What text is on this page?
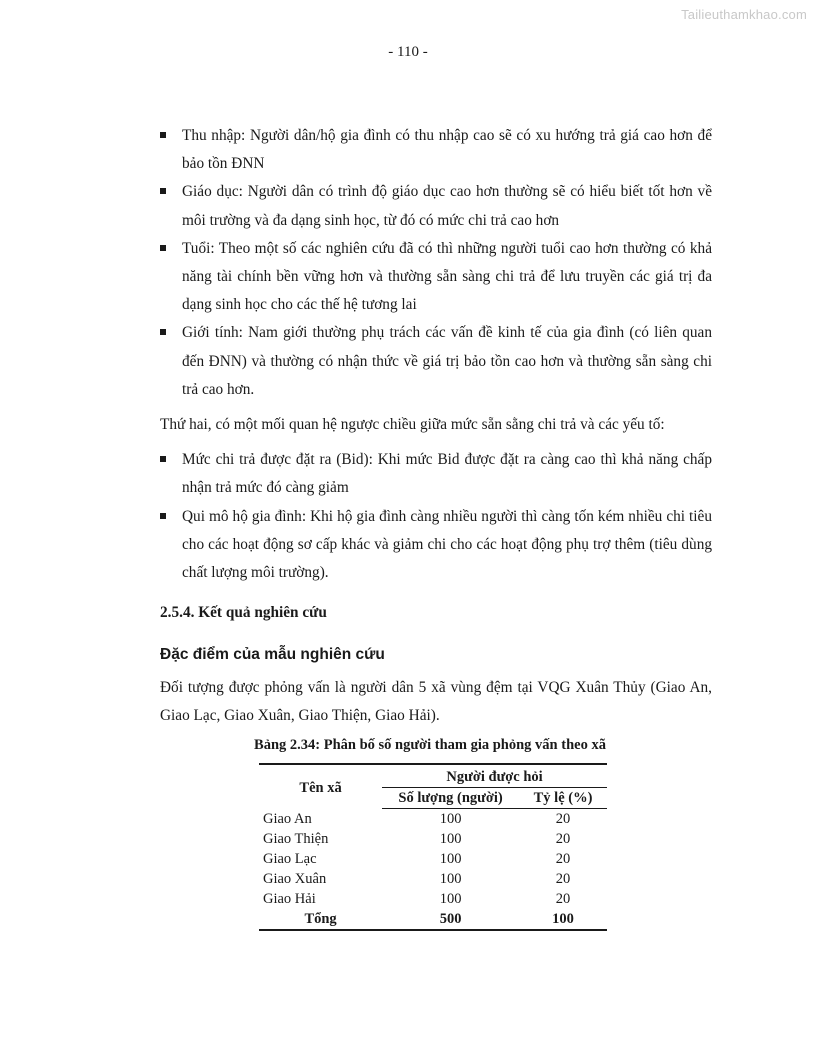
Tailieuthamkhao.com
- 110 -
Thu nhập: Người dân/hộ gia đình có thu nhập cao sẽ có xu hướng trả giá cao hơn để bảo tồn ĐNN
Giáo dục: Người dân có trình độ giáo dục cao hơn thường sẽ có hiểu biết tốt hơn về môi trường và đa dạng sinh học, từ đó có mức chi trả cao hơn
Tuổi: Theo một số các nghiên cứu đã có thì những người tuổi cao hơn thường có khả năng tài chính bền vững hơn và thường sẵn sàng chi trả để lưu truyền các giá trị đa dạng sinh học cho các thế hệ tương lai
Giới tính: Nam giới thường phụ trách các vấn đề kinh tế của gia đình (có liên quan đến ĐNN) và thường có nhận thức về giá trị bảo tồn cao hơn và thường sẵn sàng chi trả cao hơn.

Thứ hai, có một mối quan hệ ngược chiều giữa mức sẵn sằng chi trả và các yếu tố:

Mức chi trả được đặt ra (Bid): Khi mức Bid được đặt ra càng cao thì khả năng chấp nhận trả mức đó càng giảm
Qui mô hộ gia đình: Khi hộ gia đình càng nhiều người thì càng tốn kém nhiều chi tiêu cho các hoạt động sơ cấp khác và giảm chi cho các hoạt động phụ trợ thêm (tiêu dùng chất lượng môi trường).

2.5.4. Kết quả nghiên cứu

Đặc điểm của mẫu nghiên cứu

Đối tượng được phỏng vấn là người dân 5 xã vùng đệm tại VQG Xuân Thủy (Giao An, Giao Lạc, Giao Xuân, Giao Thiện, Giao Hải).

Bảng 2.34: Phân bố số người tham gia phỏng vấn theo xã
Tên xã	Người được hỏi	
	Số lượng (người)	Tỷ lệ (%)
Giao An	100	20
Giao Thiện	100	20
Giao Lạc	100	20
Giao Xuân	100	20
Giao Hải	100	20
Tổng	500	100
